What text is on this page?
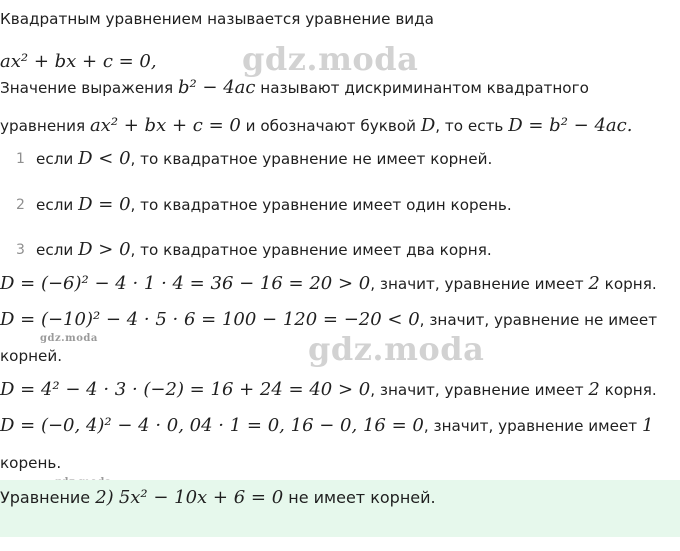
gdz.moda
gdz.moda
gdz.moda
Квадратным уравнением называется уравнение вида
ax² + bx + c = 0,
Значение выражения b² − 4ac называют дискриминантом квадратного
уравнения ax² + bx + c = 0 и обозначают буквой D, то есть D = b² − 4ac.
1 если D < 0, то квадратное уравнение не имеет корней.
2 если D = 0, то квадратное уравнение имеет один корень.
3 если D > 0, то квадратное уравнение имеет два корня.
D = (−6)² − 4 · 1 · 4 = 36 − 16 = 20 > 0, значит, уравнение имеет 2 корня.
D = (−10)² − 4 · 5 · 6 = 100 − 120 = −20 < 0, значит, уравнение не имеет
корней.
D = 4² − 4 · 3 · (−2) = 16 + 24 = 40 > 0, значит, уравнение имеет 2 корня.
D = (−0, 4)² − 4 · 0, 04 · 1 = 0, 16 − 0, 16 = 0, значит, уравнение имеет 1
корень.
Уравнение 2) 5x² − 10x + 6 = 0 не имеет корней.
